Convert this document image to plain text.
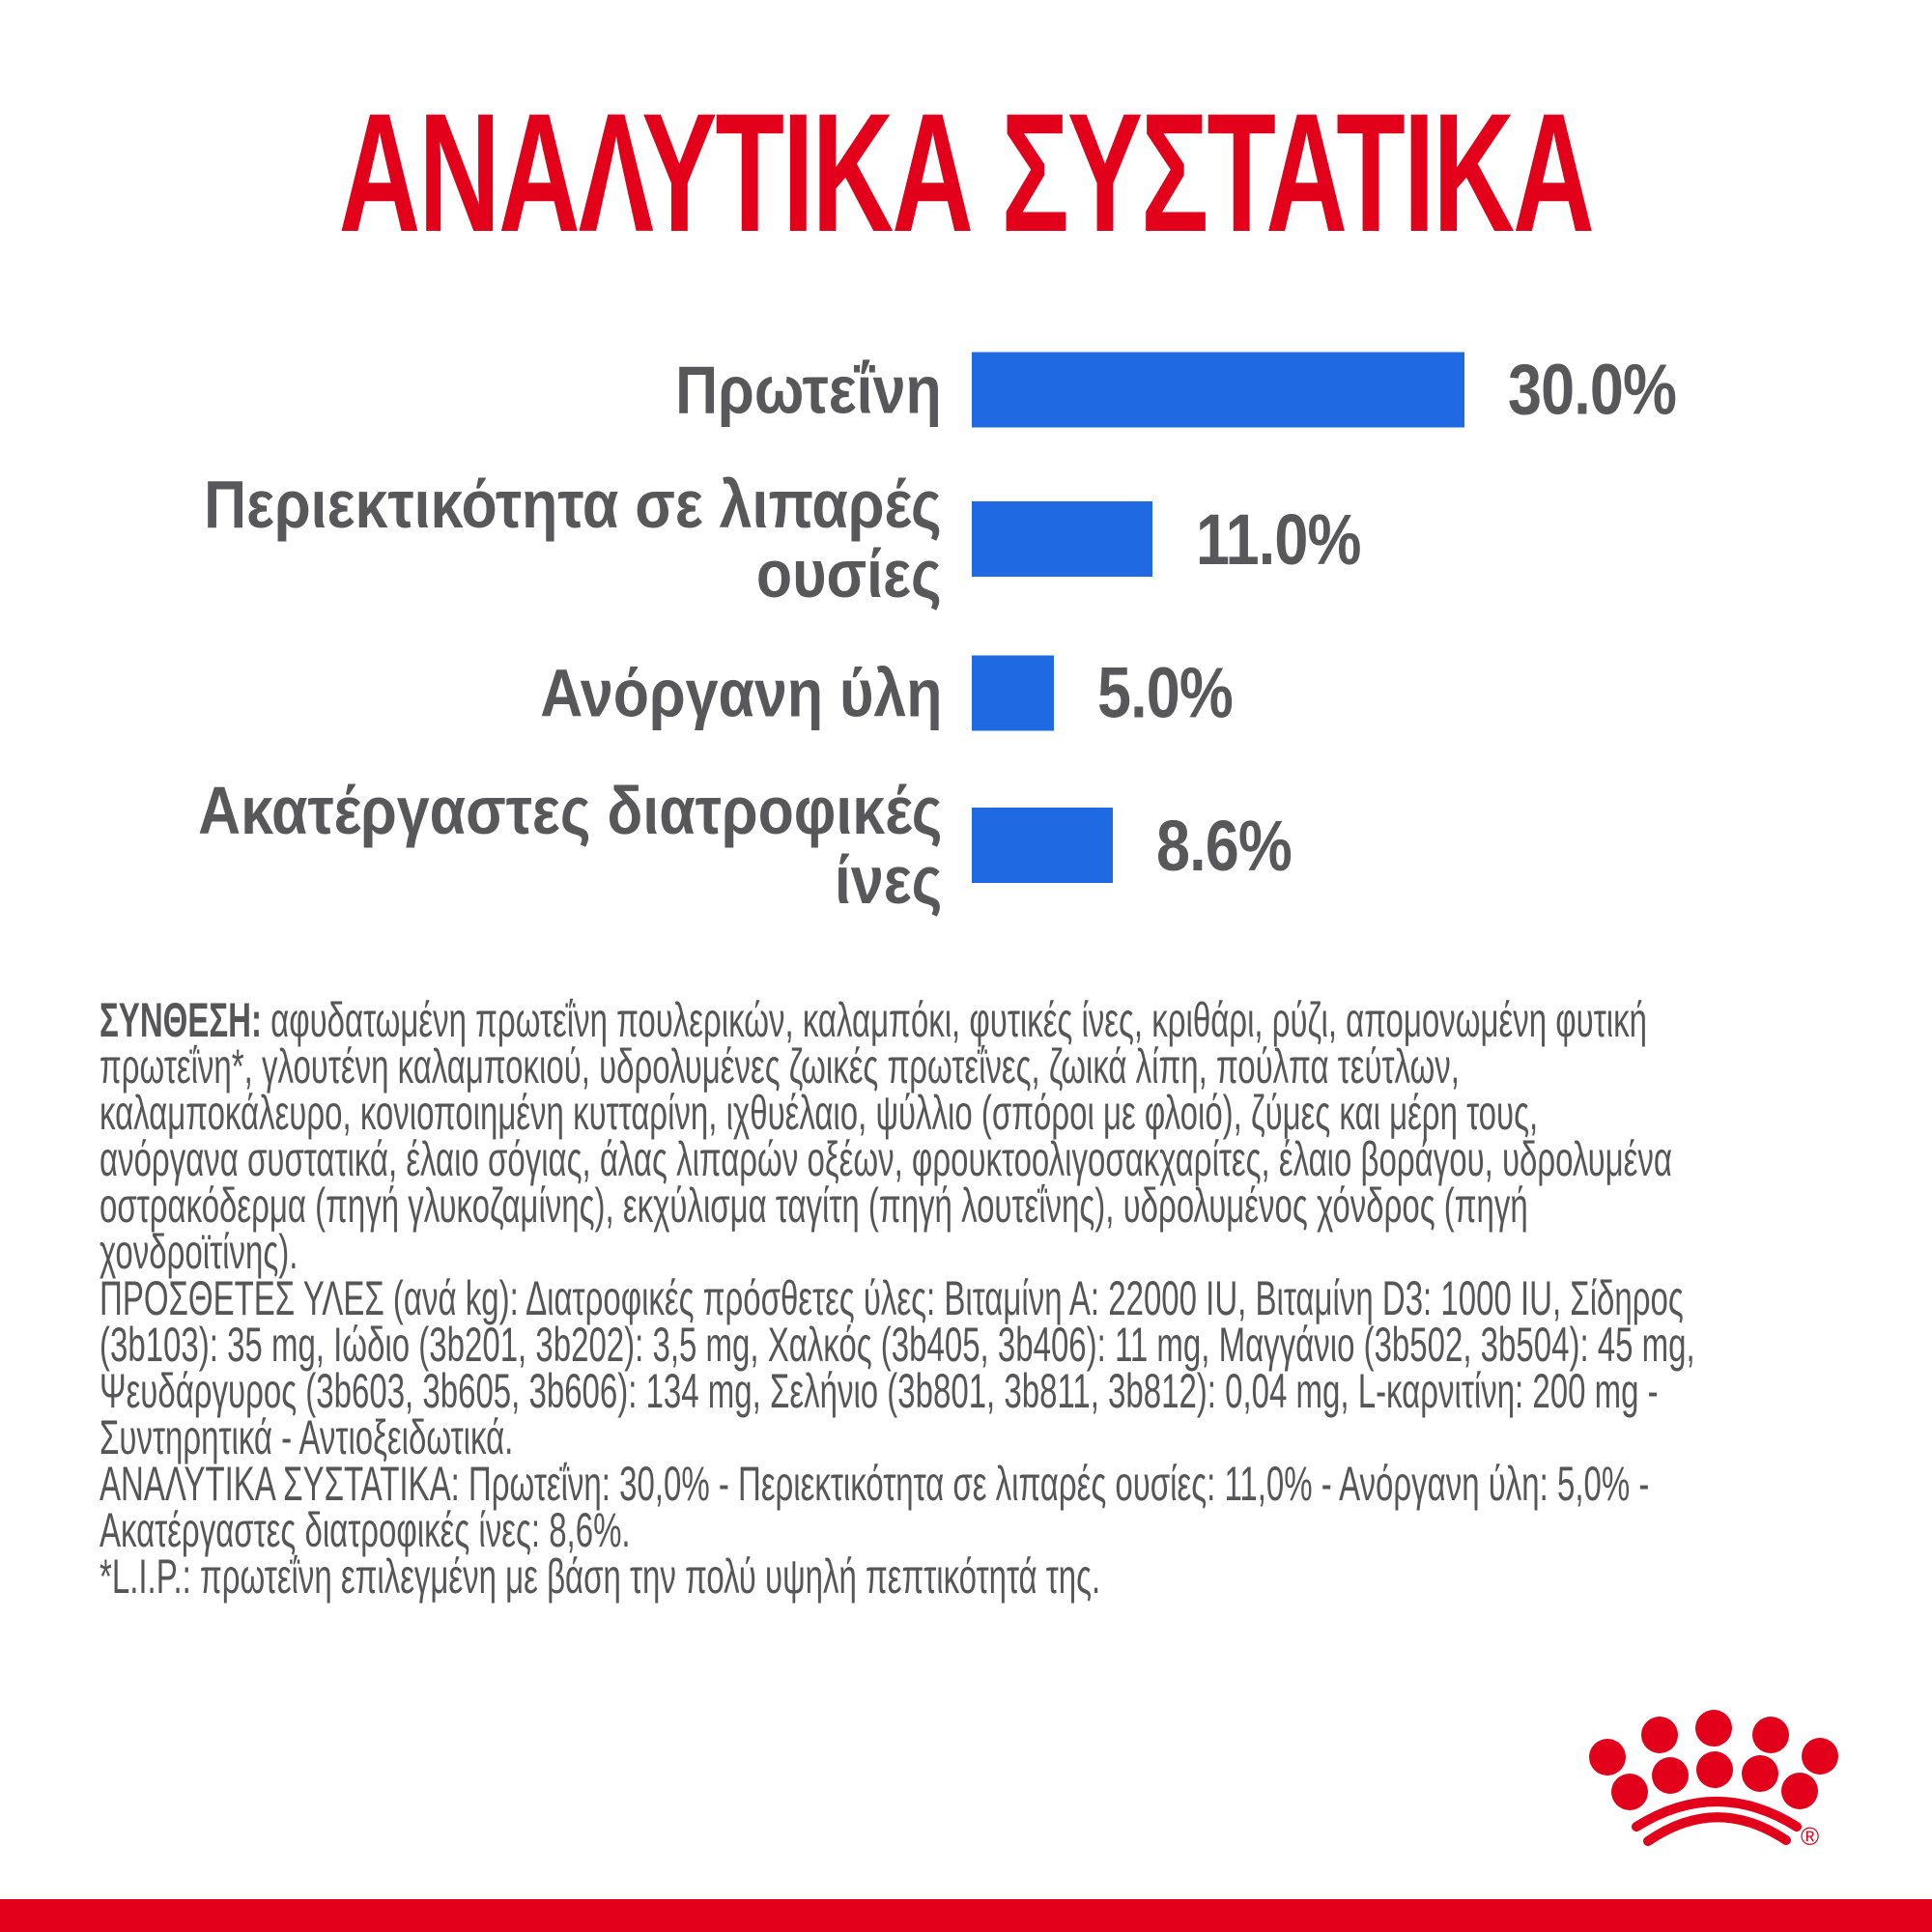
ΑΝΑΛΥΤΙΚΑ ΣΥΣΤΑΤΙΚΑ
Πρωτεΐνη	30.0%
Περιεκτικότητα σε λιπαρές
ουσίες	11.0%
Ανόργανη ύλη 5.0%
Ακατέργαστες διατροφικές
ίνες	8.6%
ΣΥΝΘΕΣΗ: αφυδατωμένη πρωτεΐνη πουλερικών, καλαμπόκι, φυτικές ίνες, κριθάρι, ρύζι, απομονωμένη φυτική
πρωτεΐνη*, γλουτένη καλαμποκιού, υδρολυμένες ζωικές πρωτεΐνες, ζωικά λίπη, πούλπα τεύτλων,
καλαμποκάλευρο, κονιοποιημένη κυτταρίνη, ιχθυέλαιο, ψύλλιο (σπόροι με φλοιό), ζύμες και μέρη τους,
ανόργανα συστατικά, έλαιο σόγιας, άλας λιπαρών οξέων, φρουκτοολιγοσακχαρίτες, έλαιο βοράγου, υδρολυμένα
οστρακόδερμα (πηγή γλυκοζαμίνης), εκχύλισμα ταγίτη (πηγή λουτεΐνης), υδρολυμένος χόνδρος (πηγή
χονδροϊτίνης).
ΠΡΟΣΘΕΤΕΣ ΥΛΕΣ (ανά kg): Διατροφικές πρόσθετες ύλες: Βιταμίνη Α: 22000 IU, Βιταμίνη D3: 1000 IU, Σίδηρος
(3b103): 35 mg, Ιώδιο (3b201, 3b202): 3,5 mg, Χαλκός (3b405, 3b406): 11 mg, Μαγγάνιο (3b502, 3b504): 45 mg,
Ψευδάργυρος (3b603, 3b605, 3b606): 134 mg, Σελήνιο (3b801, 3b811, 3b812): 0,04 mg, L-καρνιτίνη: 200 mg -
Συντηρητικά - Αντιοξειδωτικά.
ΑΝΑΛΥΤΙΚΑ ΣΥΣΤΑΤΙΚΑ: Πρωτεΐνη: 30,0% - Περιεκτικότητα σε λιπαρές ουσίες: 11,0% - Ανόργανη ύλη: 5,0% -
Ακατέργαστες διατροφικές ίνες: 8,6%.
*L.I.P.: πρωτεΐνη επιλεγμένη με βάση την πολύ υψηλή πεπτικότητά της.
®
